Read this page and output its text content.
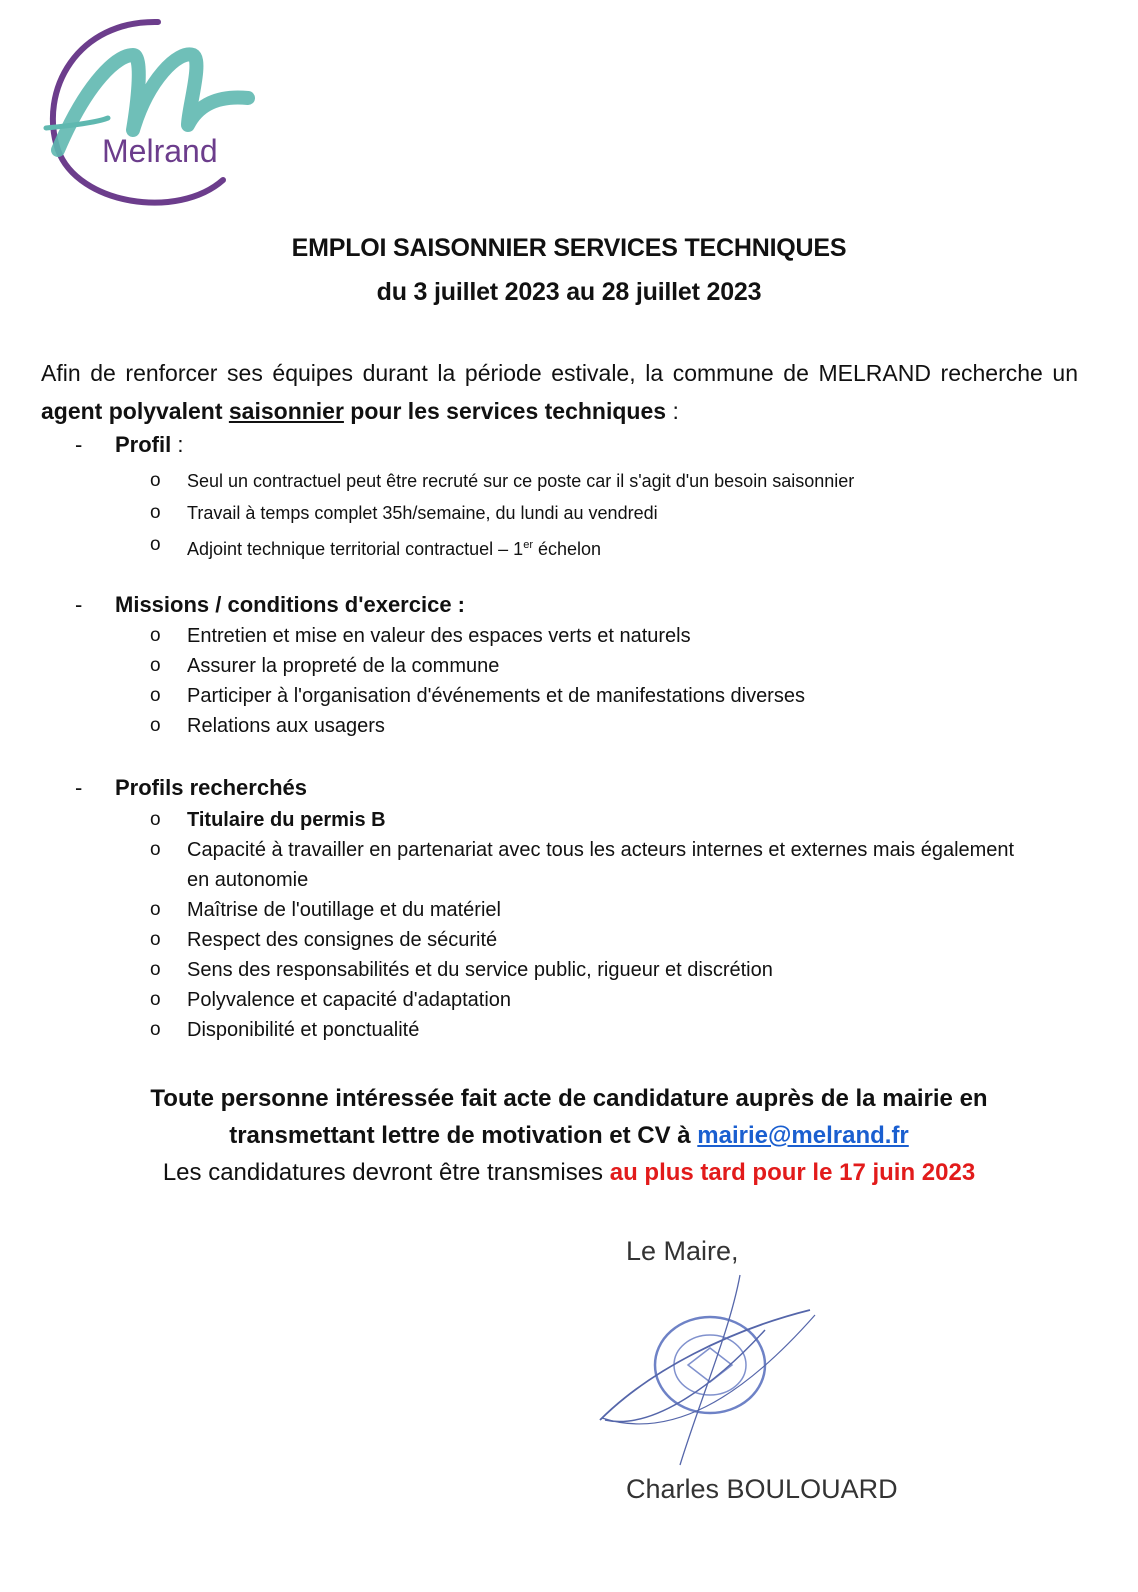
Melrand
EMPLOI SAISONNIER SERVICES TECHNIQUES
du 3 juillet 2023 au 28 juillet 2023
Afin de renforcer ses équipes durant la période estivale, la commune de MELRAND recherche un agent polyvalent saisonnier pour les services techniques :
- Profil :
o Seul un contractuel peut être recruté sur ce poste car il s'agit d'un besoin saisonnier
o Travail à temps complet 35h/semaine, du lundi au vendredi
o Adjoint technique territorial contractuel – 1er échelon
- Missions / conditions d'exercice :
o Entretien et mise en valeur des espaces verts et naturels
o Assurer la propreté de la commune
o Participer à l'organisation d'événements et de manifestations diverses
o Relations aux usagers
- Profils recherchés
o Titulaire du permis B
o Capacité à travailler en partenariat avec tous les acteurs internes et externes mais également en autonomie
o Maîtrise de l'outillage et du matériel
o Respect des consignes de sécurité
o Sens des responsabilités et du service public, rigueur et discrétion
o Polyvalence et capacité d'adaptation
o Disponibilité et ponctualité
Toute personne intéressée fait acte de candidature auprès de la mairie en
transmettant lettre de motivation et CV à mairie@melrand.fr
Les candidatures devront être transmises au plus tard pour le 17 juin 2023
Le Maire,
Charles BOULOUARD
